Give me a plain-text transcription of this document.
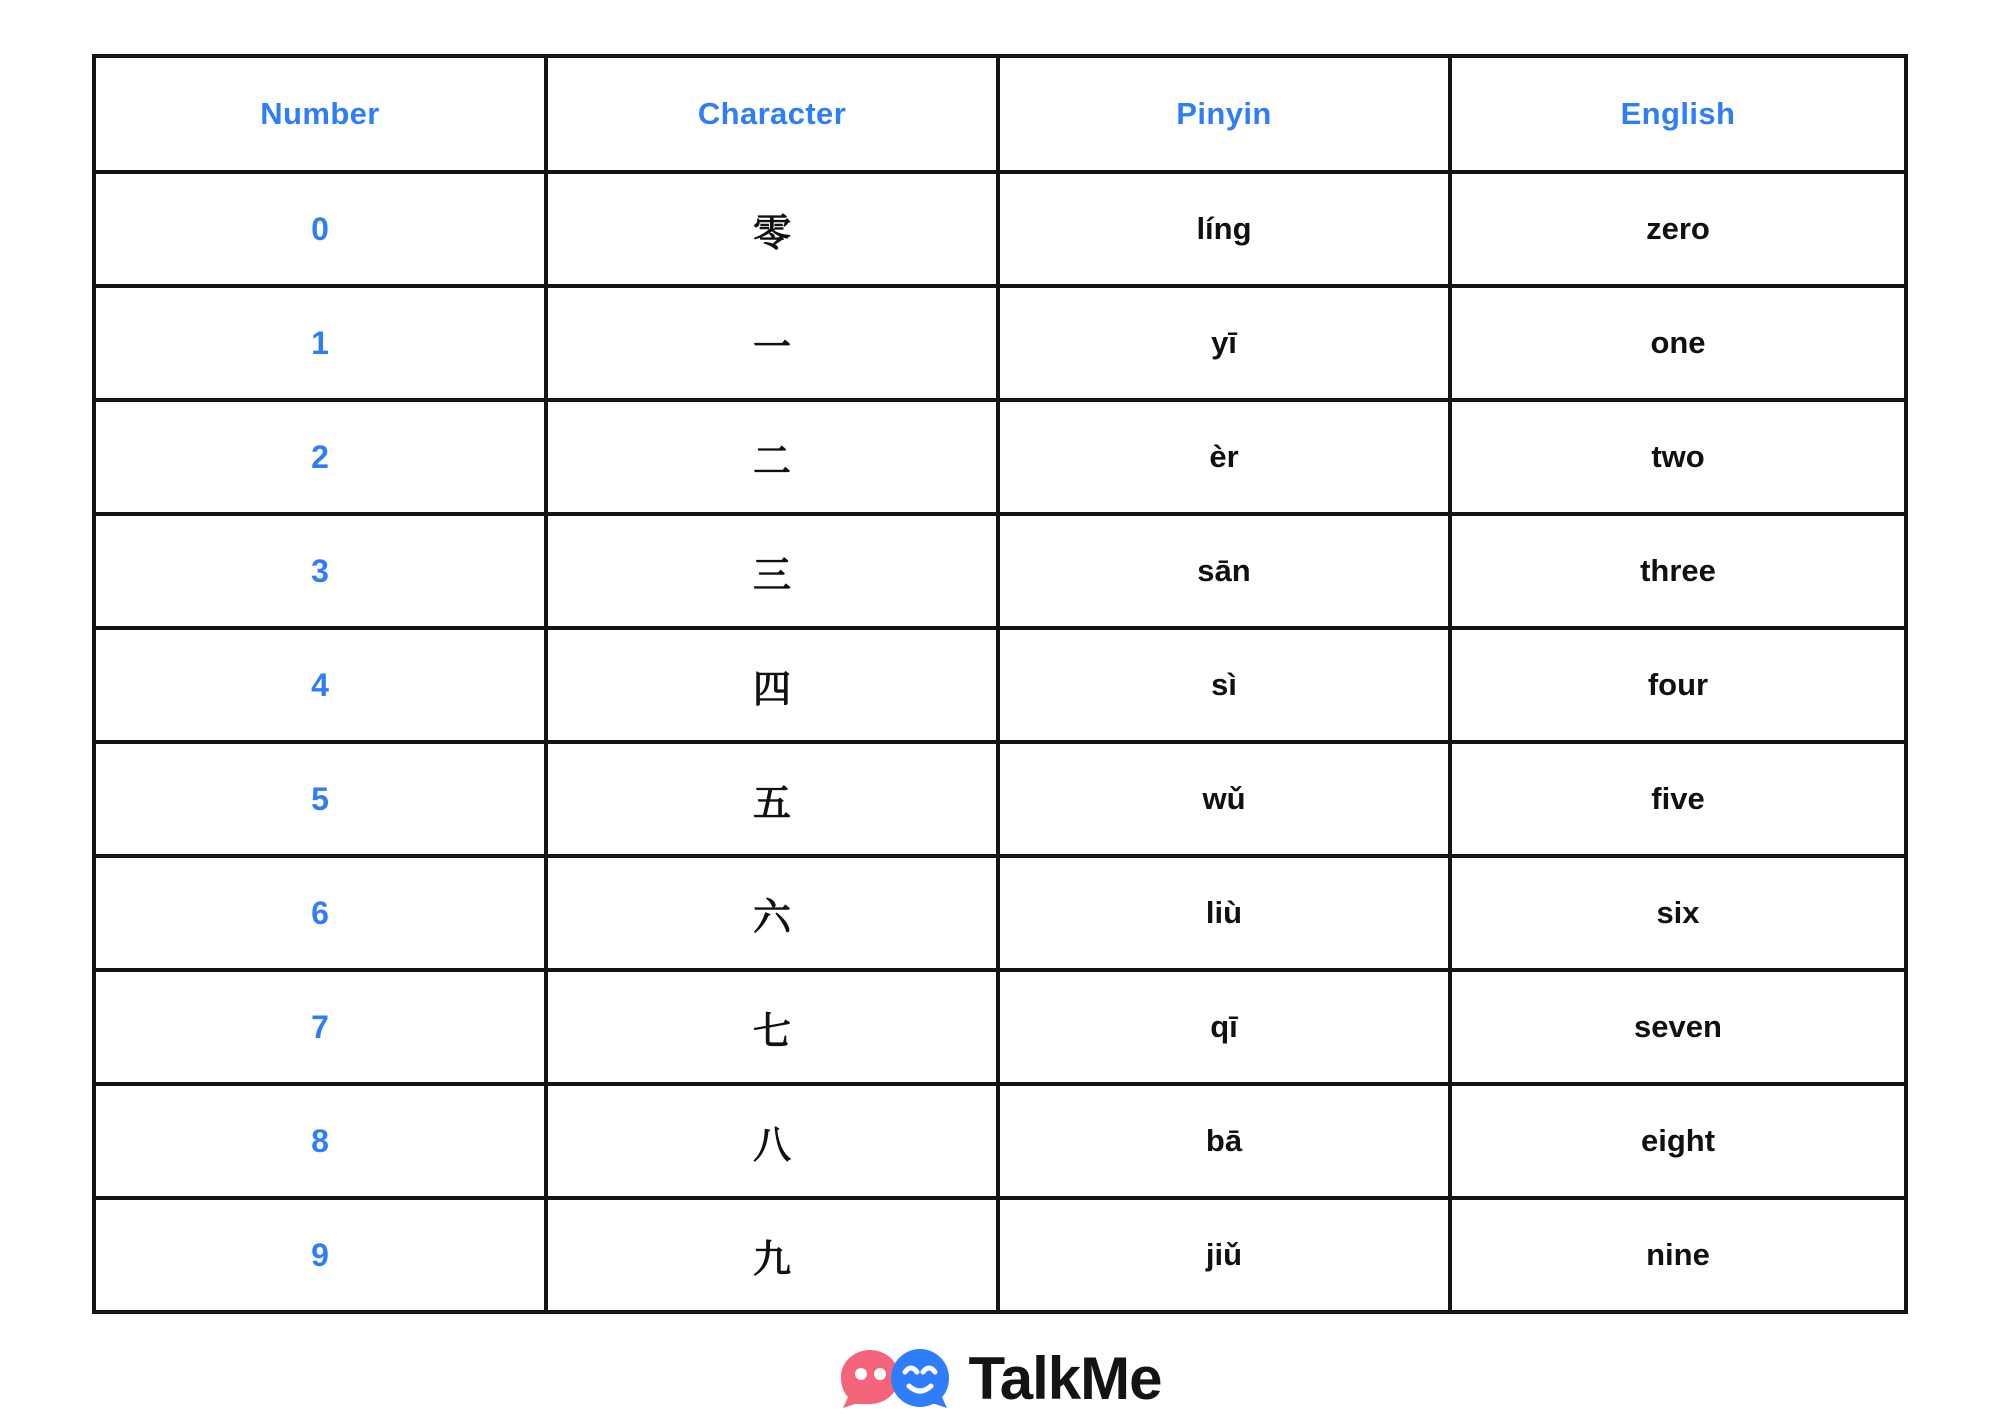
Number	Character	Pinyin	English
0	零	líng	zero
1	一	yī	one
2	二	èr	two
3	三	sān	three
4	四	sì	four
5	五	wǔ	five
6	六	liù	six
7	七	qī	seven
8	八	bā	eight
9	九	jiǔ	nine
TalkMe
